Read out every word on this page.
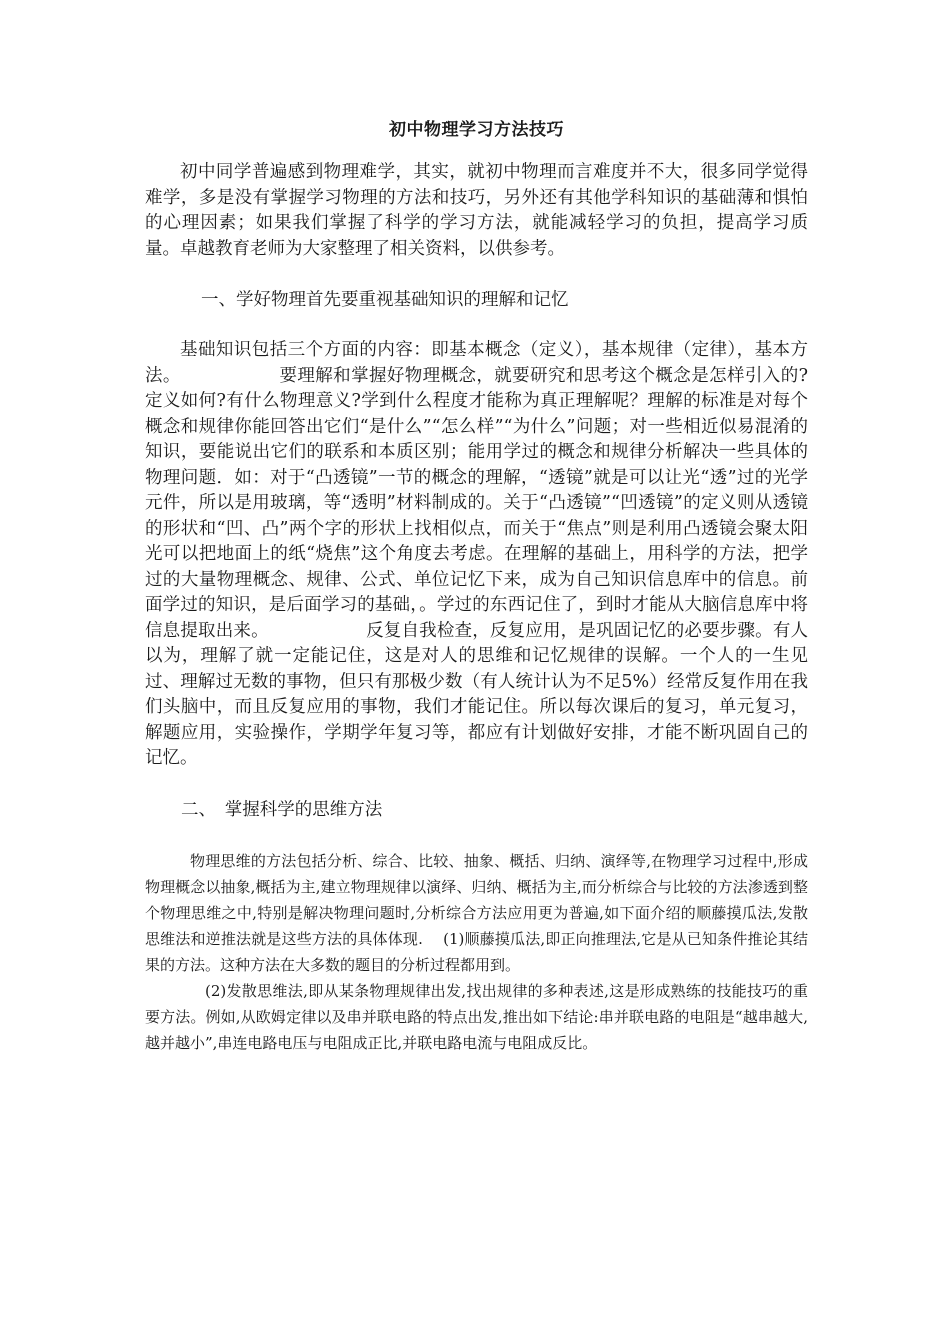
初中物理学习方法技巧

初中同学普遍感到物理难学，其实，就初中物理而言难度并不大，很多同学觉得难学，多是没有掌握学习物理的方法和技巧，另外还有其他学科知识的基础薄和惧怕的心理因素；如果我们掌握了科学的学习方法，就能减轻学习的负担，提高学习质量。卓越教育老师为大家整理了相关资料，以供参考。

一、学好物理首先要重视基础知识的理解和记忆

基础知识包括三个方面的内容：即基本概念（定义），基本规律（定律），基本方法。　　　　　　要理解和掌握好物理概念，就要研究和思考这个概念是怎样引入的?定义如何?有什么物理意义?学到什么程度才能称为真正理解呢？理解的标准是对每个概念和规律你能回答出它们“是什么”“怎么样”“为什么”问题；对一些相近似易混淆的知识，要能说出它们的联系和本质区别；能用学过的概念和规律分析解决一些具体的物理问题．如：对于“凸透镜”一节的概念的理解，“透镜”就是可以让光“透”过的光学元件，所以是用玻璃，等“透明”材料制成的。关于“凸透镜”“凹透镜”的定义则从透镜的形状和“凹、凸”两个字的形状上找相似点，而关于“焦点”则是利用凸透镜会聚太阳光可以把地面上的纸“烧焦”这个角度去考虑。在理解的基础上，用科学的方法，把学过的大量物理概念、规律、公式、单位记忆下来，成为自己知识信息库中的信息。前面学过的知识，是后面学习的基础，。学过的东西记住了，到时才能从大脑信息库中将信息提取出来。　　　　　　反复自我检查，反复应用，是巩固记忆的必要步骤。有人以为，理解了就一定能记住，这是对人的思维和记忆规律的误解。一个人的一生见过、理解过无数的事物，但只有那极少数（有人统计认为不足5%）经常反复作用在我们头脑中，而且反复应用的事物，我们才能记住。所以每次课后的复习，单元复习，解题应用，实验操作，学期学年复习等，都应有计划做好安排，才能不断巩固自己的记忆。

二、　掌握科学的思维方法

物理思维的方法包括分析、综合、比较、抽象、概括、归纳、演绎等,在物理学习过程中,形成物理概念以抽象,概括为主,建立物理规律以演绎、归纳、概括为主,而分析综合与比较的方法渗透到整个物理思维之中,特别是解决物理问题时,分析综合方法应用更为普遍,如下面介绍的顺藤摸瓜法,发散思维法和逆推法就是这些方法的具体体现.　 (1)顺藤摸瓜法,即正向推理法,它是从已知条件推论其结果的方法。这种方法在大多数的题目的分析过程都用到。

(2)发散思维法,即从某条物理规律出发,找出规律的多种表述,这是形成熟练的技能技巧的重要方法。例如,从欧姆定律以及串并联电路的特点出发,推出如下结论:串并联电路的电阻是“越串越大,越并越小”,串连电路电压与电阻成正比,并联电路电流与电阻成反比。
